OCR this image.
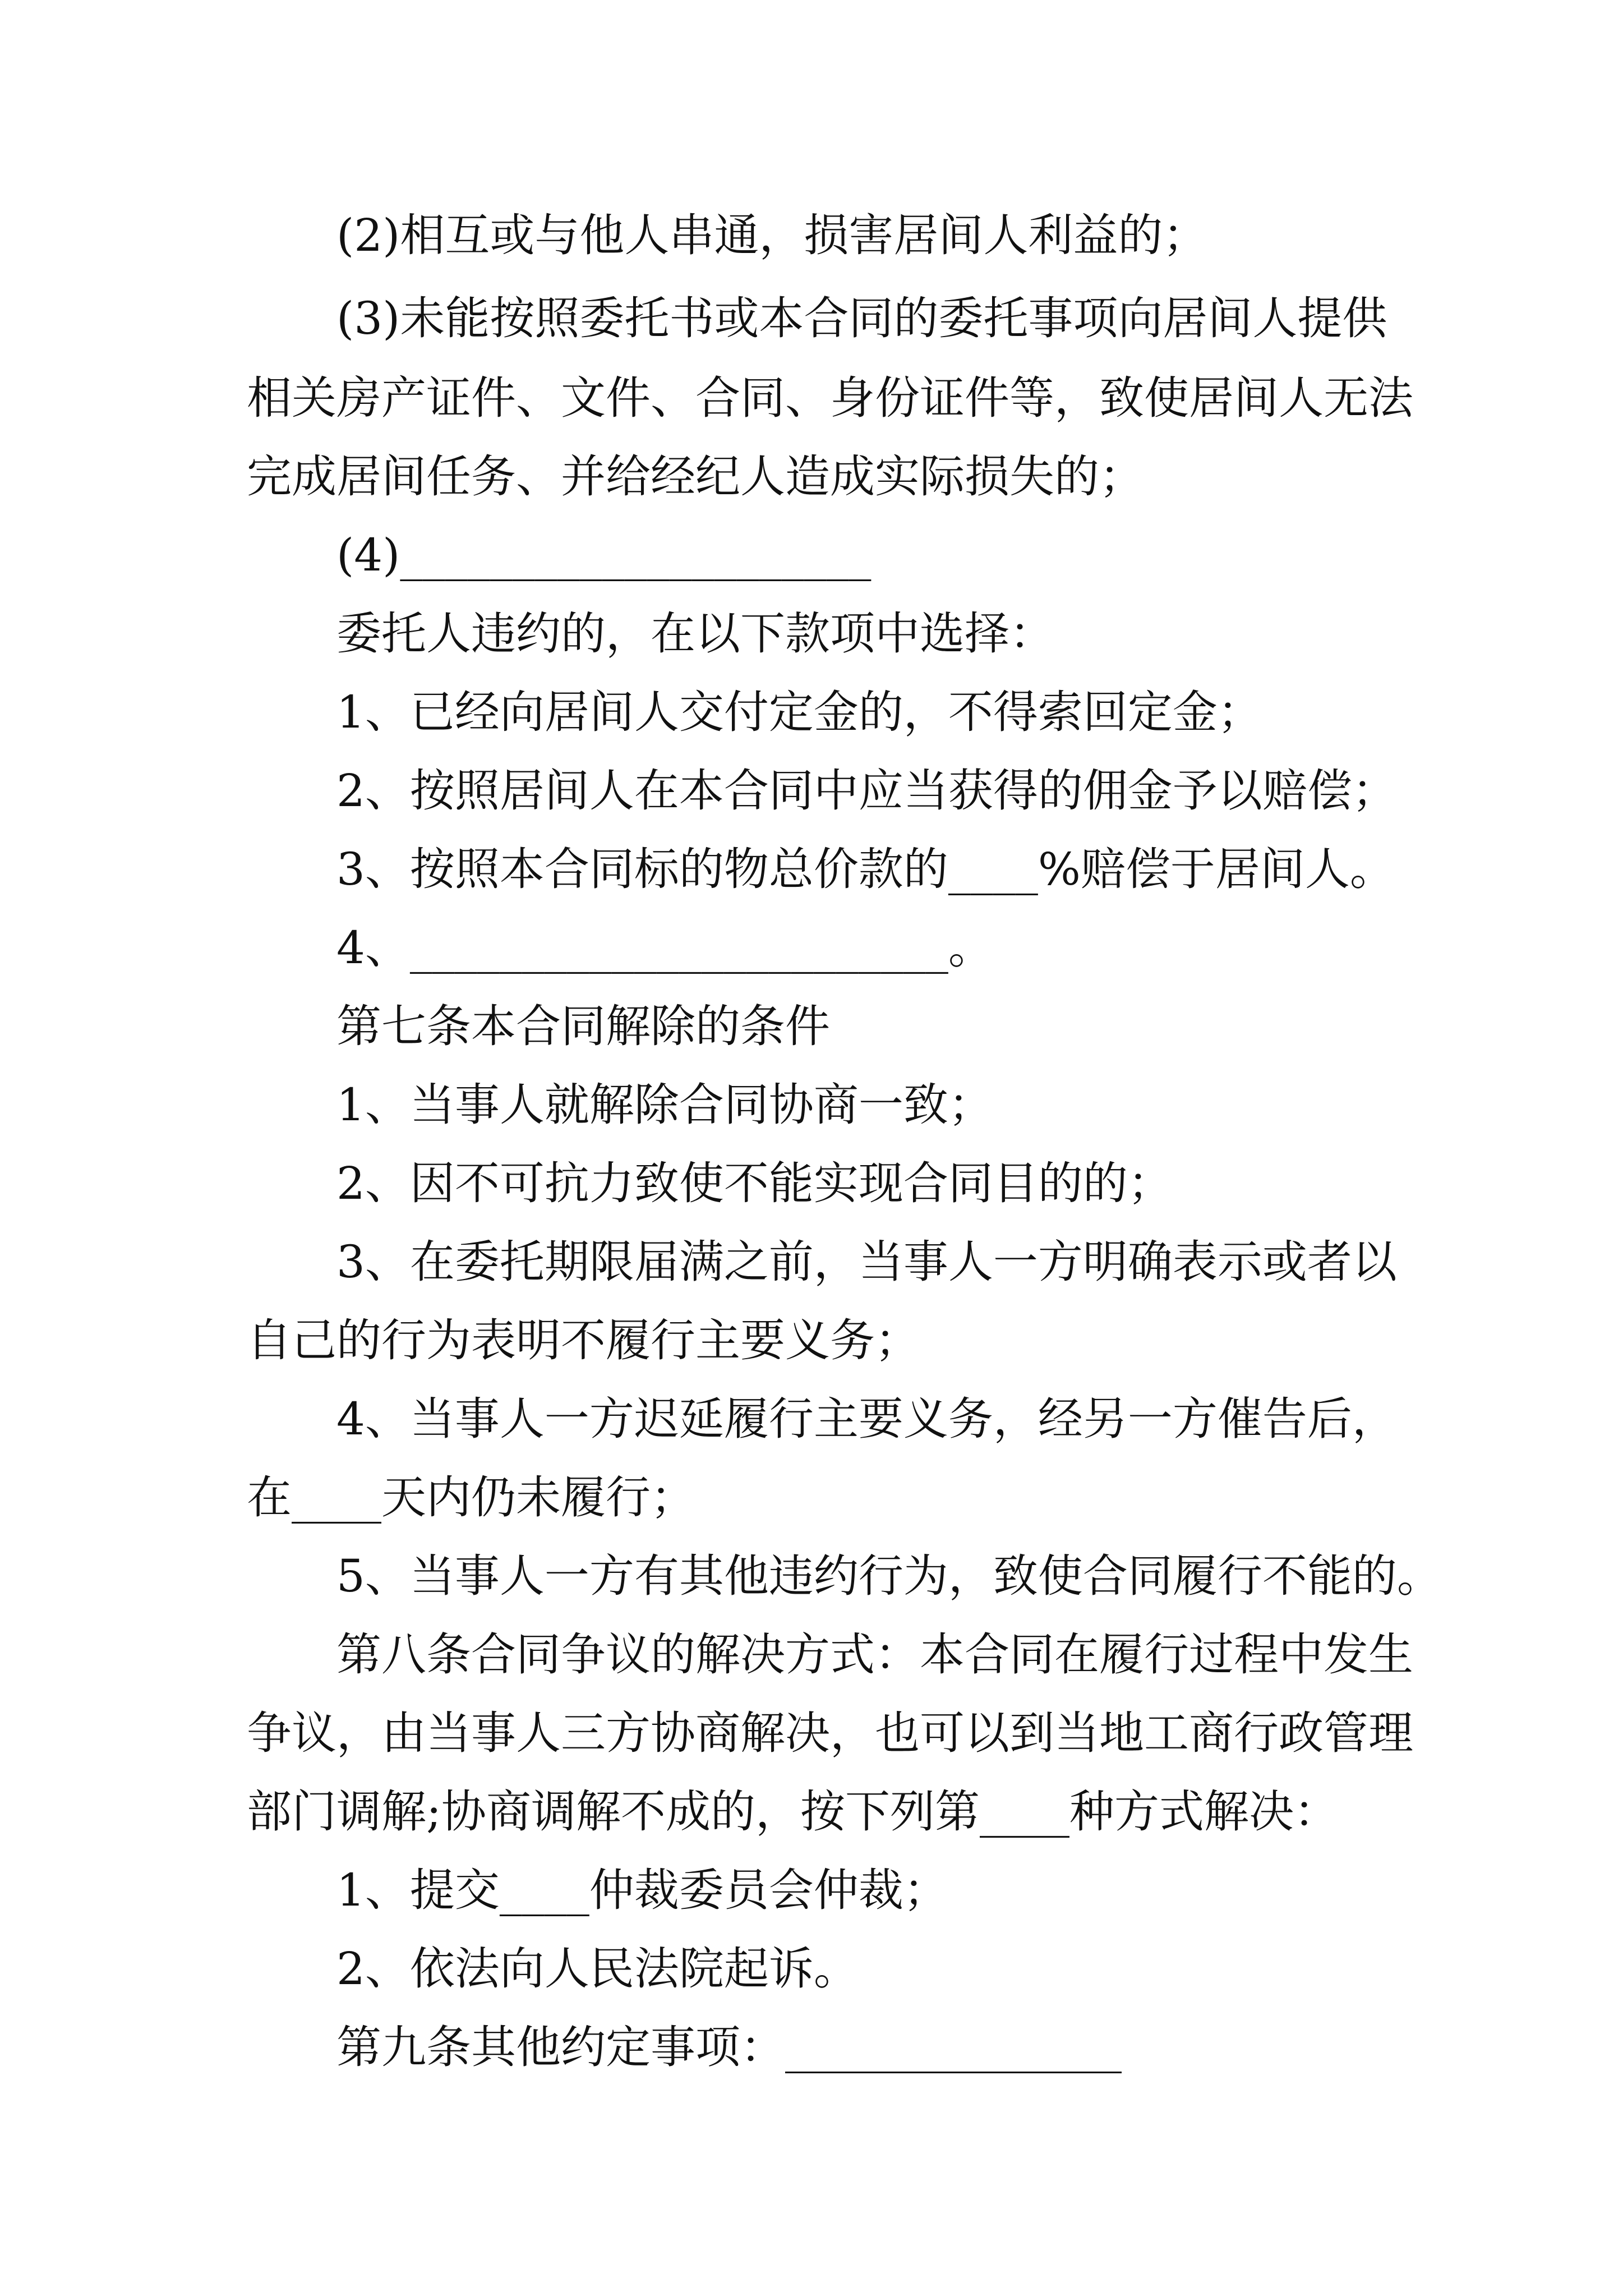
(2)相互或与他人串通，损害居间人利益的；

(3)未能按照委托书或本合同的委托事项向居间人提供

相关房产证件、文件、合同、身份证件等，致使居间人无法

完成居间任务、并给经纪人造成实际损失的；

(4)_____________________

委托人违约的，在以下款项中选择：

1、已经向居间人交付定金的，不得索回定金；

2、按照居间人在本合同中应当获得的佣金予以赔偿；

3、按照本合同标的物总价款的____%赔偿于居间人。

4、________________________。

第七条本合同解除的条件

1、当事人就解除合同协商一致；

2、因不可抗力致使不能实现合同目的的；

3、在委托期限届满之前，当事人一方明确表示或者以

自己的行为表明不履行主要义务；

4、当事人一方迟延履行主要义务，经另一方催告后，

在____天内仍未履行；

5、当事人一方有其他违约行为，致使合同履行不能的。

第八条合同争议的解决方式：本合同在履行过程中发生

争议，由当事人三方协商解决，也可以到当地工商行政管理

部门调解;协商调解不成的，按下列第____种方式解决：

1、提交____仲裁委员会仲裁；

2、依法向人民法院起诉。

第九条其他约定事项：_______________
